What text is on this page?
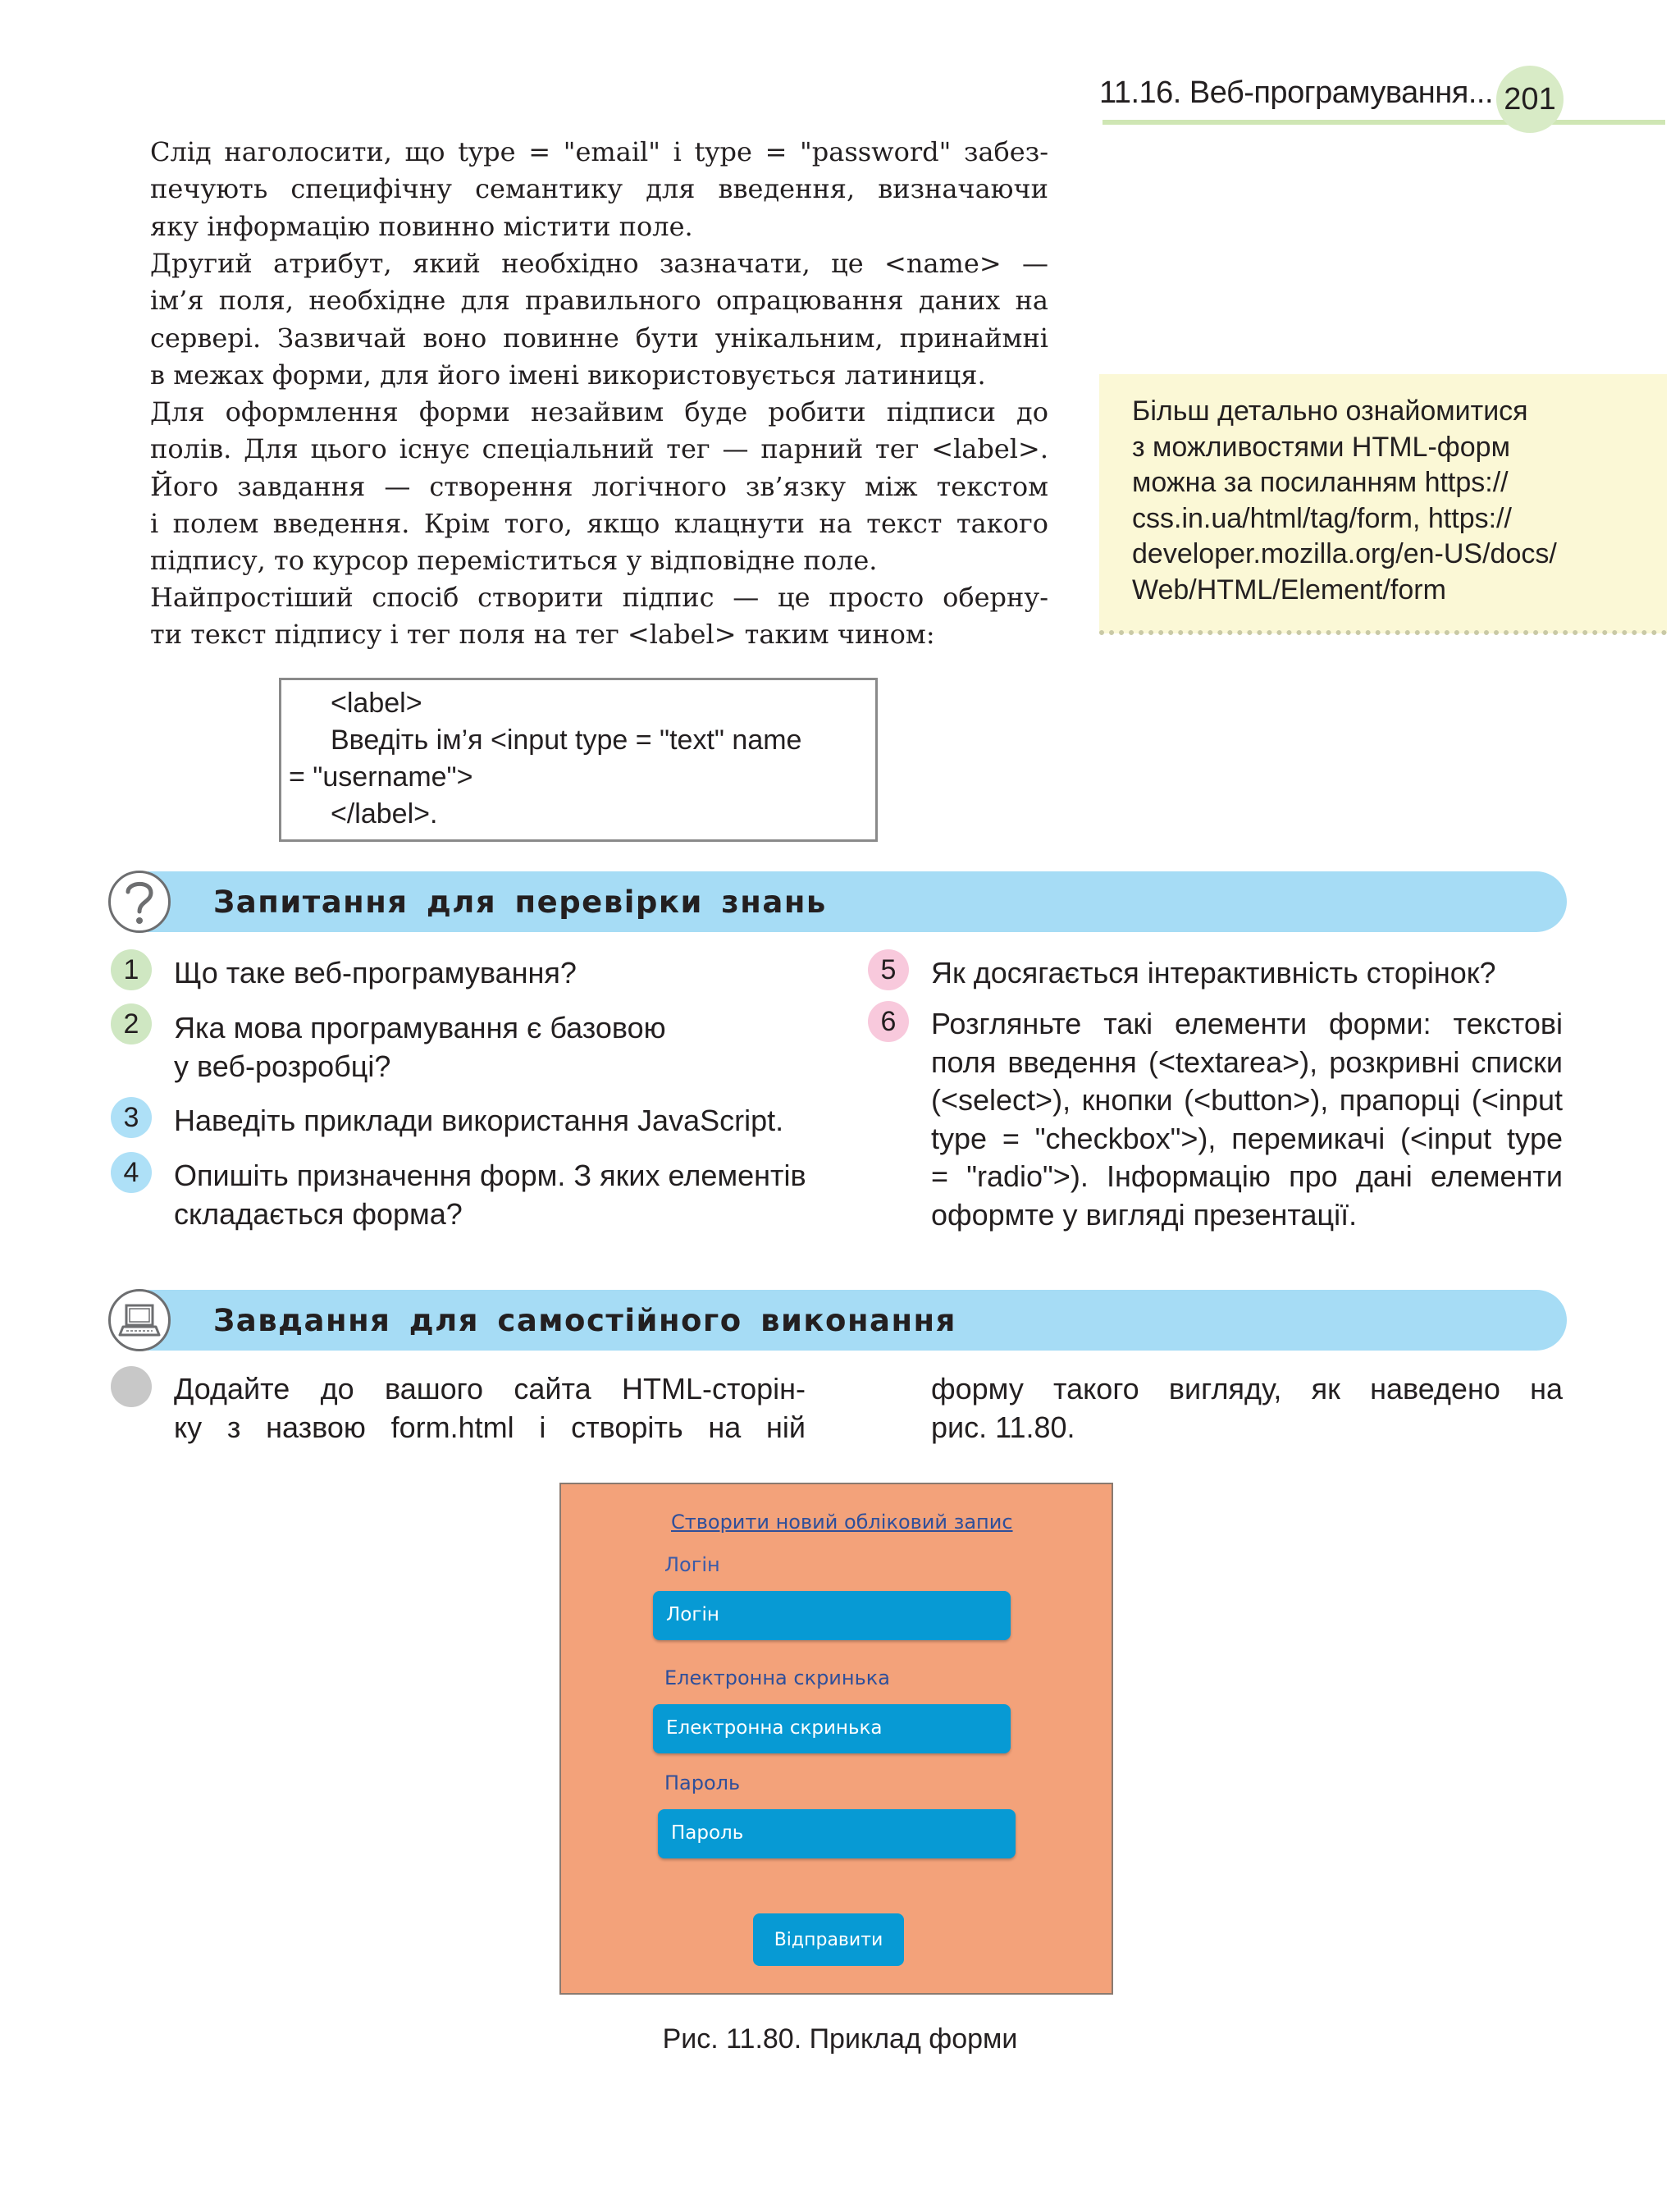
11.16. Веб-програмування... 201

Слід наголосити, що type = "email" і type = "password" забез-
печують специфічну семантику для введення, визначаючи
яку інформацію повинно містити поле.

Другий атрибут, який необхідно зазначати, це <name> —
ім’я поля, необхідне для правильного опрацювання даних на
сервері. Зазвичай воно повинне бути унікальним, принаймні
в межах форми, для його імені використовується латиниця.

Для оформлення форми незайвим буде робити підписи до
полів. Для цього існує спеціальний тег — парний тег <label>.
Його завдання — створення логічного зв’язку між текстом
і полем введення. Крім того, якщо клацнути на текст такого
підпису, то курсор переміститься у відповідне поле.

Найпростіший спосіб створити підпис — це просто оберну-
ти текст підпису і тег поля на тег <label> таким чином:

Більш детально ознайомитися
з можливостями HTML-форм
можна за посиланням https://
css.in.ua/html/tag/form, https://
developer.mozilla.org/en-US/docs/
Web/HTML/Element/form
<label>
Введіть ім’я <input type = "text" name
= "username">
</label>.
Запитання для перевірки знань
1	Що таке веб-програмування?
2	Яка мова програмування є базовою
у веб-розробці?
3	Наведіть приклади використання JavaScript.
4	Опишіть призначення форм. З яких елементів
складається форма?
5	Як досягається інтерактивність сторінок?
6	Розгляньте такі елементи форми: текстові
поля введення (<textarea>), розкривні списки
(<select>), кнопки (<button>), прапорці (<input
type = "checkbox">), перемикачі (<input type
= "radio">). Інформацію про дані елементи
оформте у вигляді презентації.
Завдання для самостійного виконання
Додайте до вашого сайта HTML-сторін-
ку з назвою form.html і створіть на ній
форму такого вигляду, як наведено на
рис. 11.80.
Створити новий обліковий запис
Логін
Логін
Електронна скринька
Електронна скринька
Пароль
Пароль
Відправити
Рис. 11.80. Приклад форми
